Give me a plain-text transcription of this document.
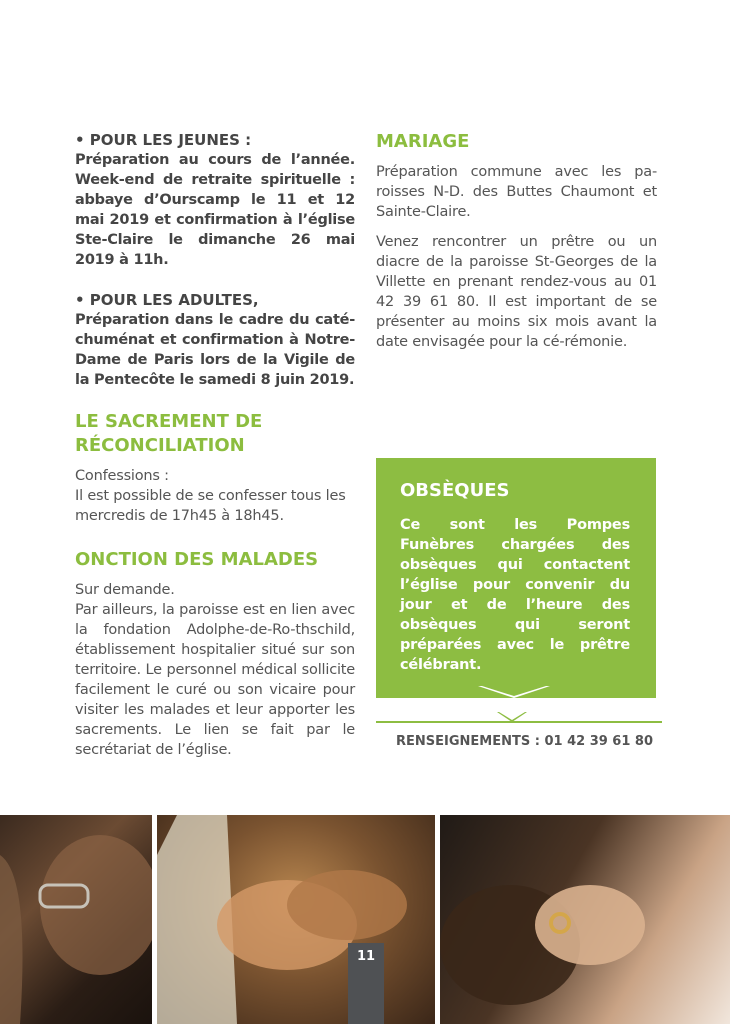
• POUR LES JEUNES :

Préparation au cours de l’année. Week-end de retraite spirituelle : abbaye d’Ourscamp le 11 et 12 mai 2019 et confirmation à l’église Ste-Claire le dimanche 26 mai 2019 à 11h.

• POUR LES ADULTES,

Préparation dans le cadre du caté-chuménat et confirmation à Notre-Dame de Paris lors de la Vigile de la Pentecôte le samedi 8 juin 2019.

LE SACREMENT DE
RÉCONCILIATION

Confessions :

Il est possible de se confesser tous les mercredis de 17h45 à 18h45.

ONCTION DES MALADES

Sur demande.

Par ailleurs, la paroisse est en lien avec la fondation Adolphe-de-Ro-thschild, établissement hospitalier situé sur son territoire. Le personnel médical sollicite facilement le curé ou son vicaire pour visiter les malades et leur apporter les sacrements. Le lien se fait par le secrétariat de l’église.

MARIAGE

Préparation commune avec les pa-roisses N-D. des Buttes Chaumont et Sainte-Claire.

Venez rencontrer un prêtre ou un diacre de la paroisse St-Georges de la Villette en prenant rendez-vous au 01 42 39 61 80. Il est important de se présenter au moins six mois avant la date envisagée pour la cé-rémonie.

OBSÈQUES
Ce sont les Pompes Funèbres chargées des obsèques qui contactent l’église pour convenir du jour et de l’heure des obsèques qui seront préparées avec le prêtre célébrant.
RENSEIGNEMENTS : 01 42 39 61 80
11
